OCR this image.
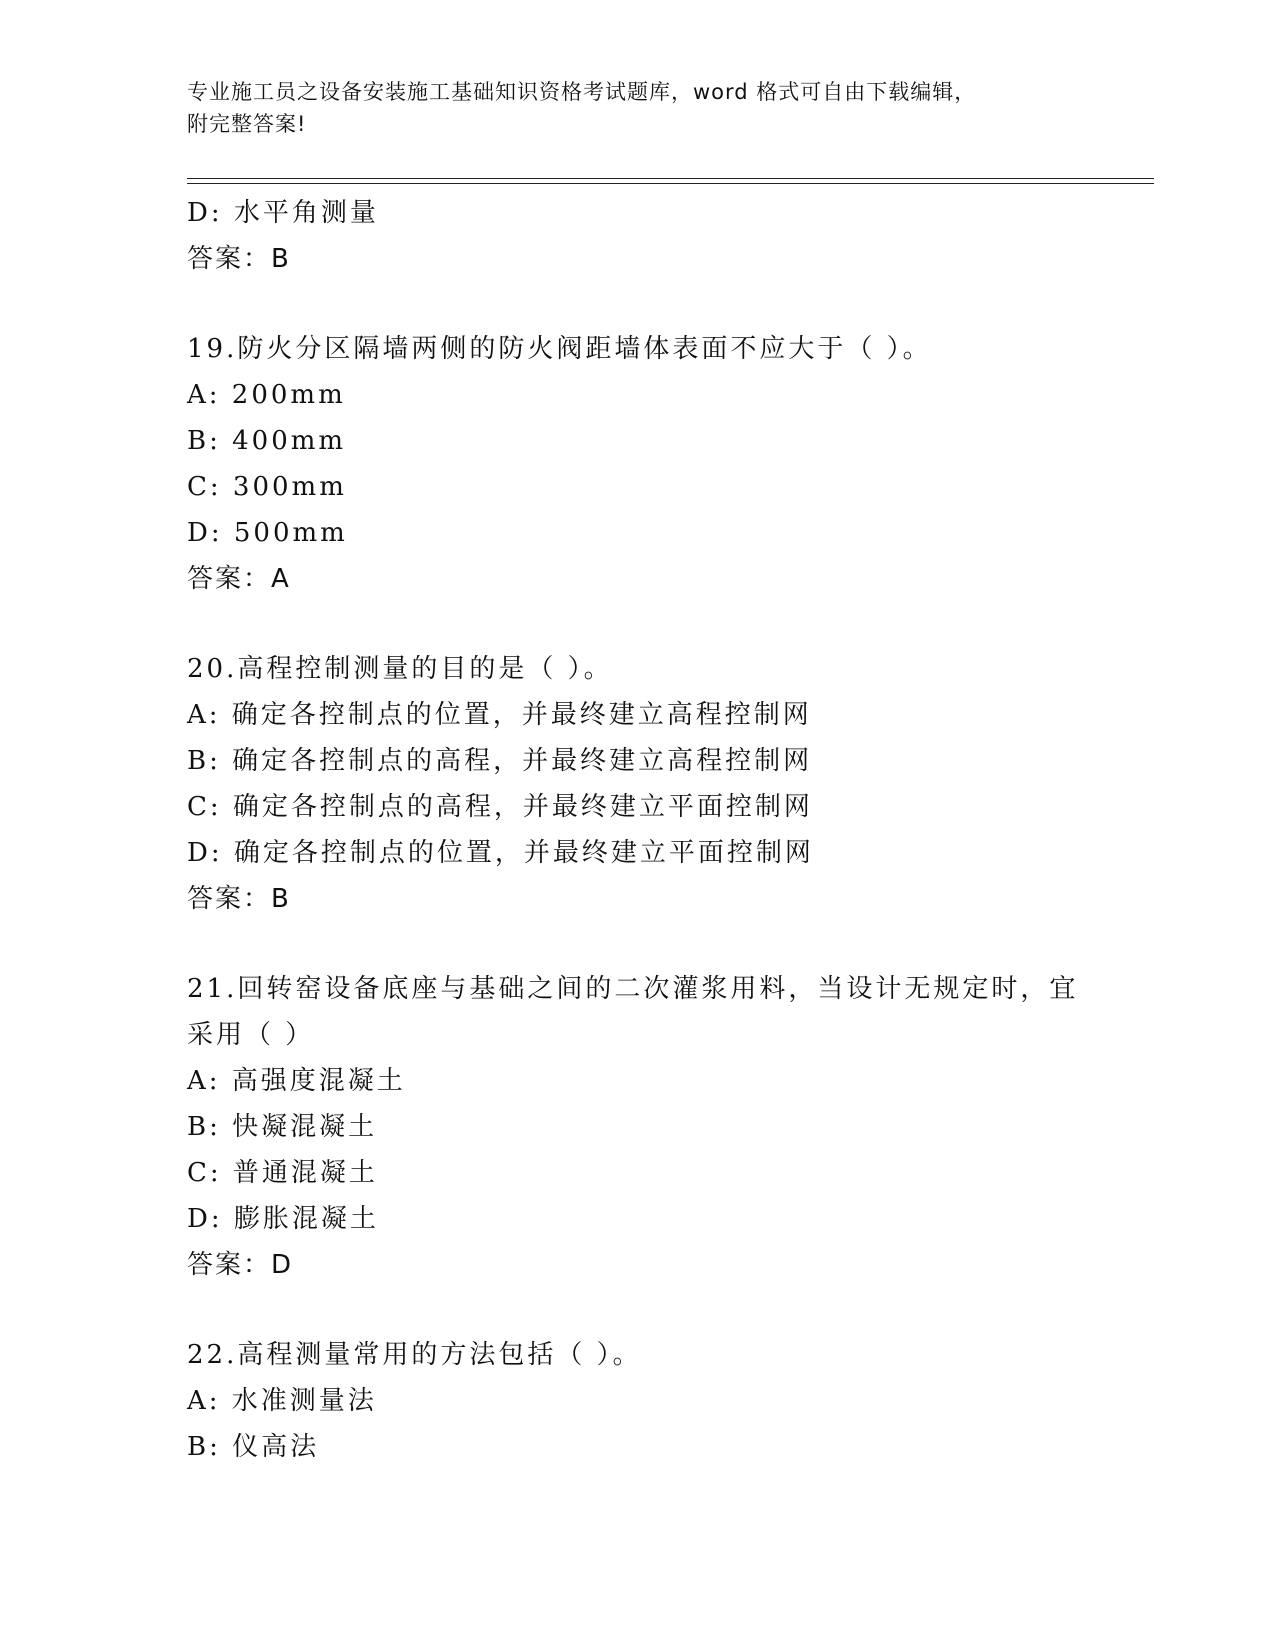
专业施工员之设备安装施工基础知识资格考试题库，word 格式可自由下载编辑，
附完整答案!
D: 水平角测量
答案：B
19.防火分区隔墙两侧的防火阀距墙体表面不应大于（ ）。
A: 200mm
B: 400mm
C: 300mm
D: 500mm
答案：A
20.高程控制测量的目的是（ ）。
A: 确定各控制点的位置，并最终建立高程控制网
B: 确定各控制点的高程，并最终建立高程控制网
C: 确定各控制点的高程，并最终建立平面控制网
D: 确定各控制点的位置，并最终建立平面控制网
答案：B
21.回转窑设备底座与基础之间的二次灌浆用料，当设计无规定时，宜
采用（ ）
A: 高强度混凝土
B: 快凝混凝土
C: 普通混凝土
D: 膨胀混凝土
答案：D
22.高程测量常用的方法包括（ ）。
A: 水准测量法
B: 仪高法
